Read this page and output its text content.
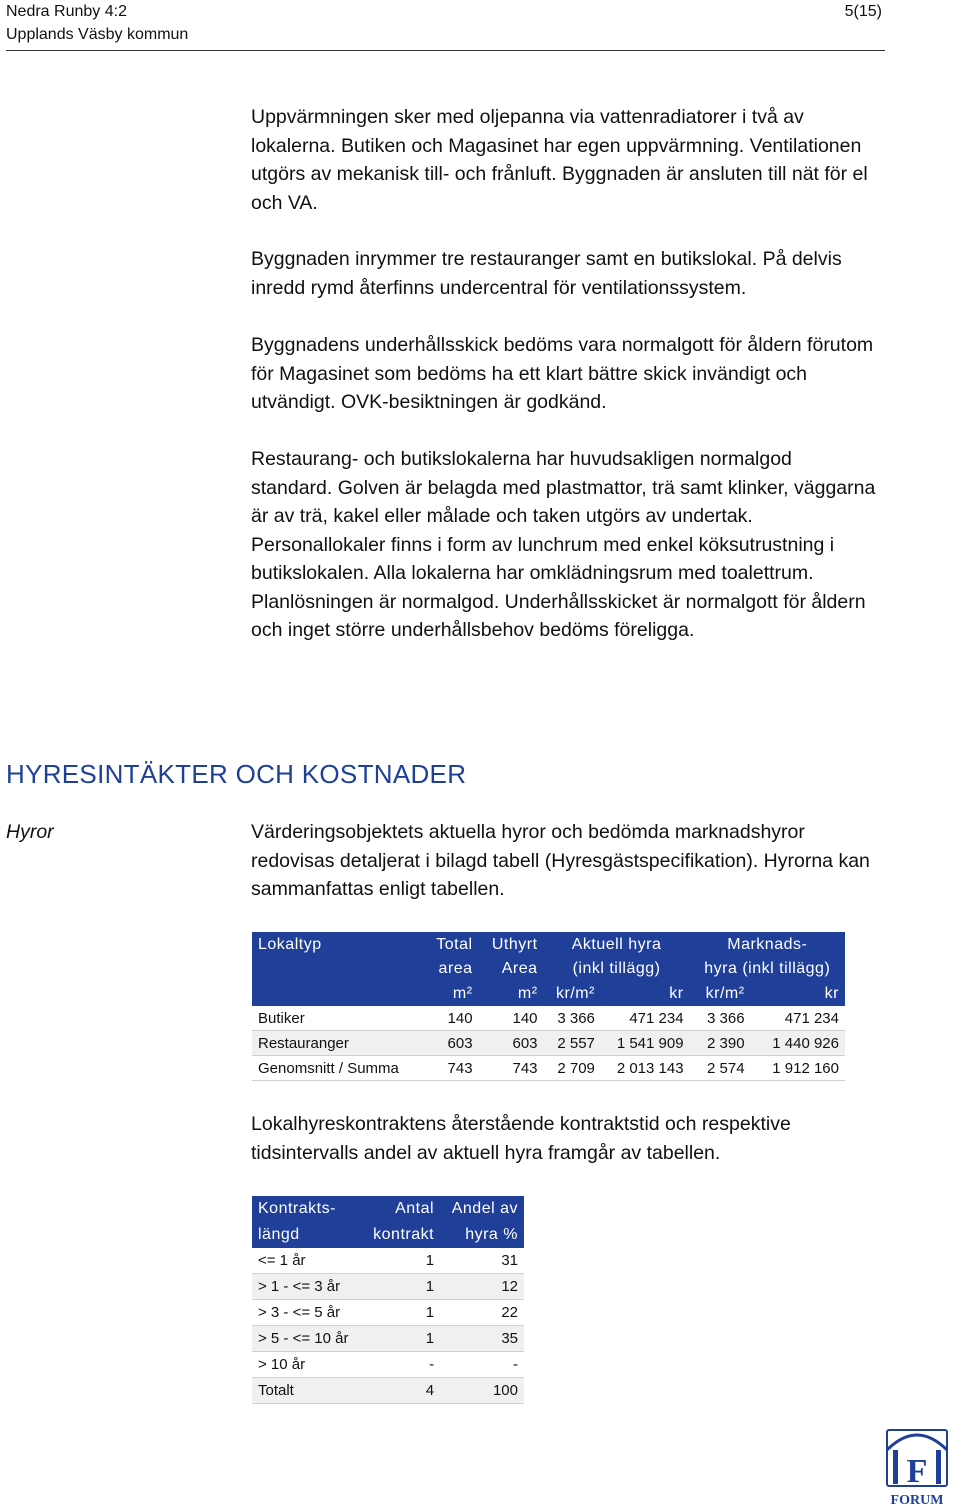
Nedra Runby 4:2
Upplands Väsby kommun
5(15)

Uppvärmningen sker med oljepanna via vattenradiatorer i två av lokalerna. Butiken och Magasinet har egen uppvärmning. Ventilationen utgörs av mekanisk till- och frånluft. Byggnaden är ansluten till nät för el och VA.

Byggnaden inrymmer tre restauranger samt en butikslokal. På delvis inredd rymd återfinns undercentral för ventilationssystem.

Byggnadens underhållsskick bedöms vara normalgott för åldern förutom för Magasinet som bedöms ha ett klart bättre skick invändigt och utvändigt. OVK-besiktningen är godkänd.

Restaurang- och butikslokalerna har huvudsakligen normalgod standard. Golven är belagda med plastmattor, trä samt klinker, väggarna är av trä, kakel eller målade och taken utgörs av undertak. Personallokaler finns i form av lunchrum med enkel köksutrustning i butikslokalen. Alla lokalerna har omklädningsrum med toalettrum. Planlösningen är normalgod. Underhållsskicket är normalgott för åldern och inget större underhållsbehov bedöms föreligga.

HYRESINTÄKTER OCH KOSTNADER
Hyror	Värderingsobjektets aktuella hyror och bedömda marknadshyror redovisas detaljerat i bilagd tabell (Hyresgästspecifikation). Hyrorna kan sammanfattas enligt tabellen.

Lokaltyp	Total	Uthyrt	Aktuell hyra		Marknads-	
	area	Area	(inkl tillägg)		hyra (inkl tillägg)	
	m²	m²	kr/m²	kr	kr/m²	kr
Butiker	140	140	3 366	471 234	3 366	471 234
Restauranger	603	603	2 557	1 541 909	2 390	1 440 926
Genomsnitt / Summa	743	743	2 709	2 013 143	2 574	1 912 160

Lokalhyreskontraktens återstående kontraktstid och respektive tidsintervalls andel av aktuell hyra framgår av tabellen.

Kontrakts-	Antal	Andel av
längd	kontrakt	hyra %
<= 1 år	1	31
> 1 - <= 3 år	1	12
> 3 - <= 5 år	1	22
> 5 - <= 10 år	1	35
> 10 år	-	-
Totalt	4	100
F
FORUM
